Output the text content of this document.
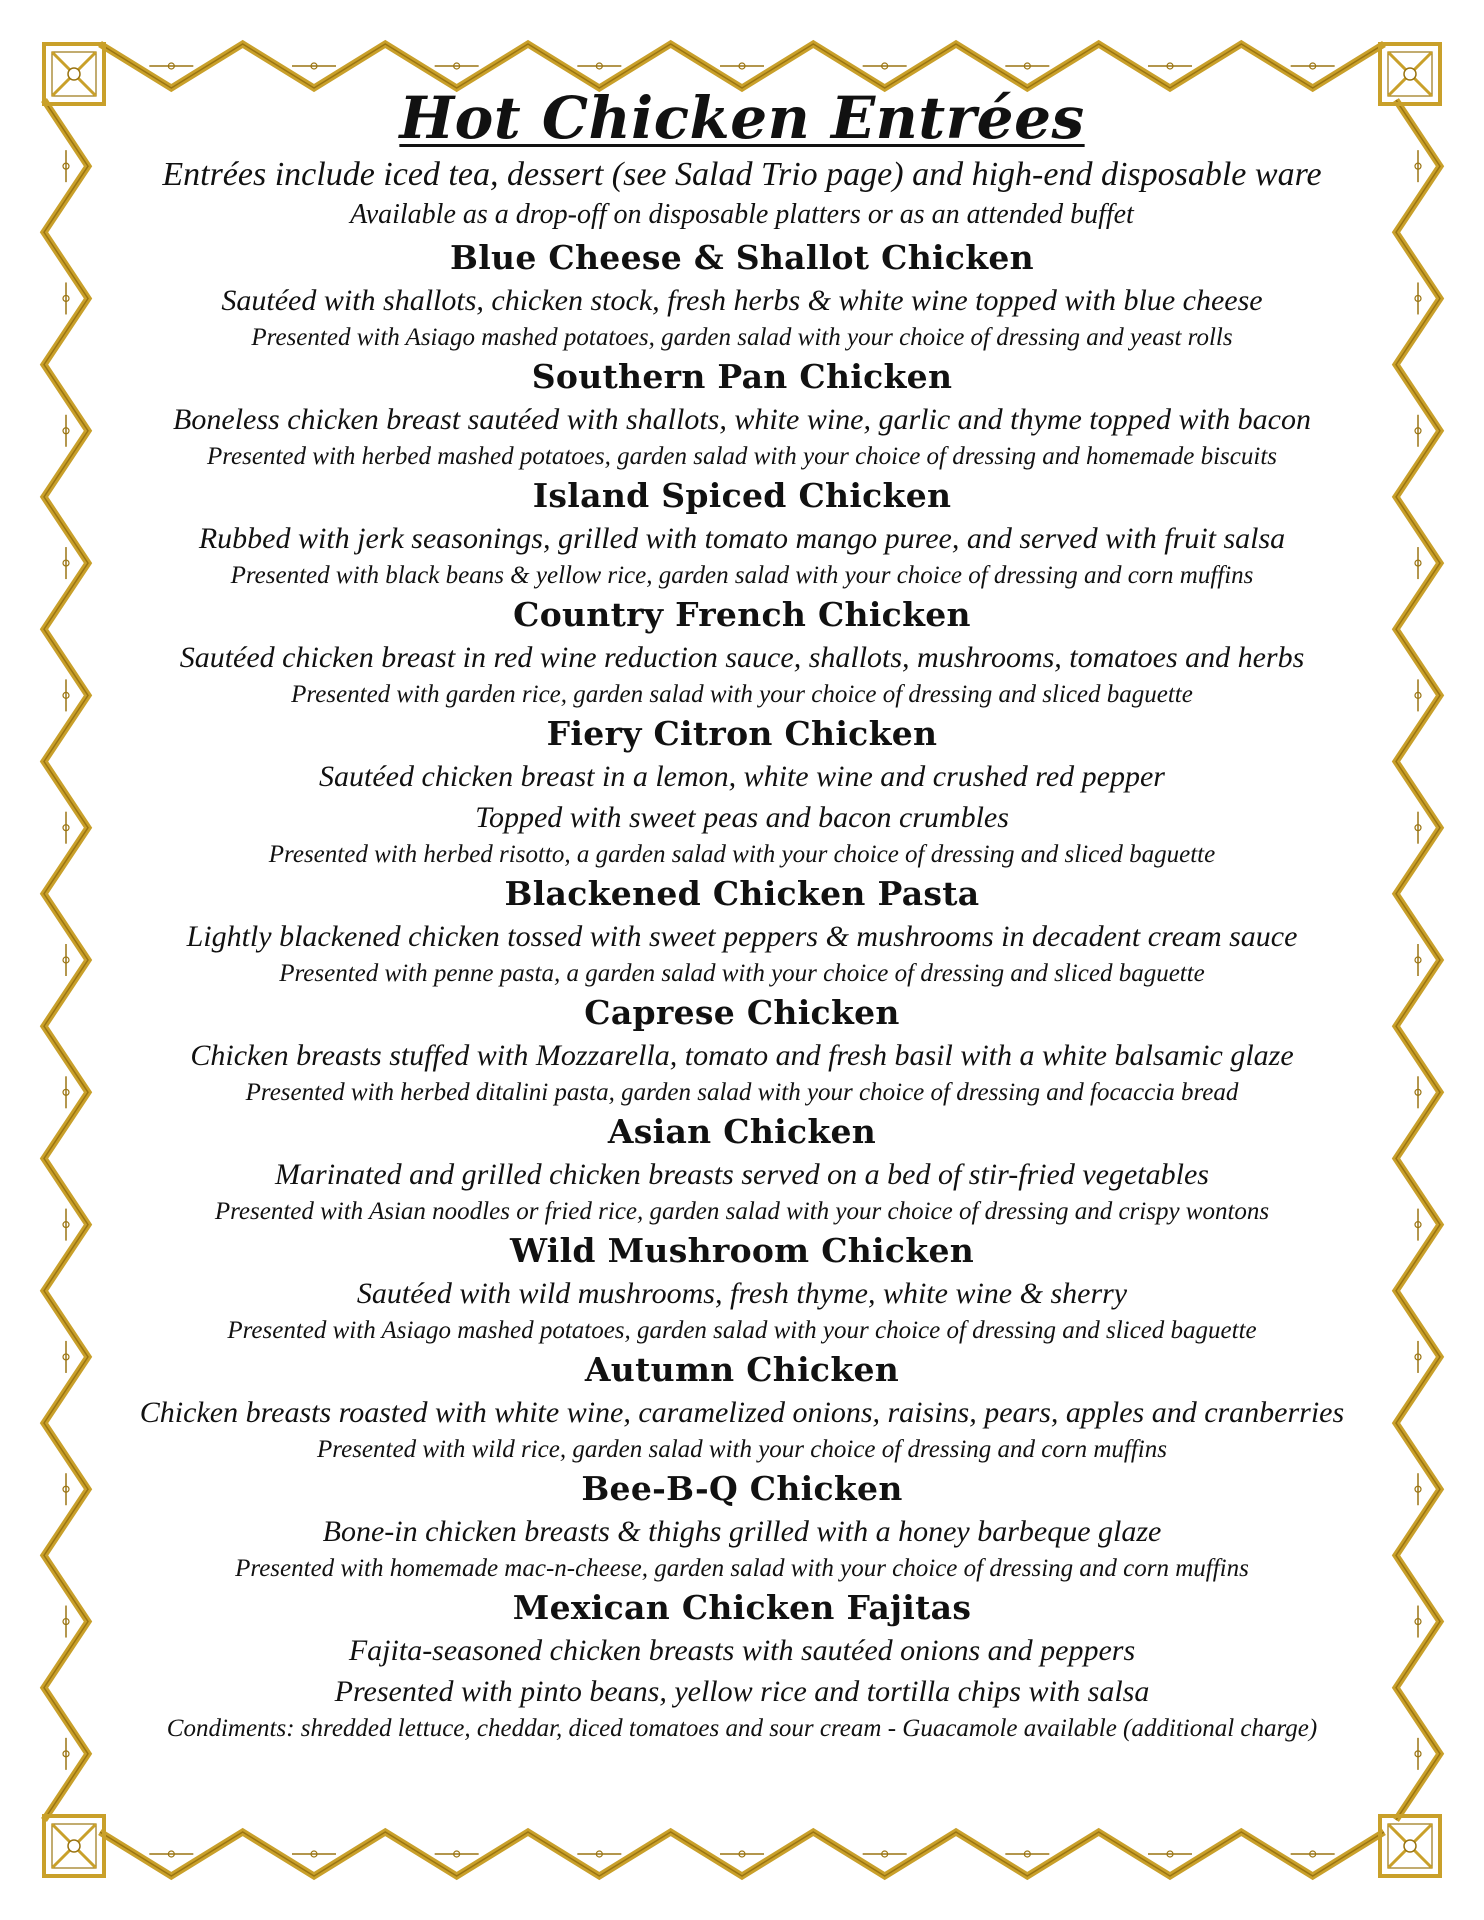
Hot Chicken Entrées

Entrées include iced tea, dessert (see Salad Trio page) and high-end disposable ware

Available as a drop-off on disposable platters or as an attended buffet

Blue Cheese & Shallot Chicken

Sautéed with shallots, chicken stock, fresh herbs & white wine topped with blue cheese

Presented with Asiago mashed potatoes, garden salad with your choice of dressing and yeast rolls

Southern Pan Chicken

Boneless chicken breast sautéed with shallots, white wine, garlic and thyme topped with bacon

Presented with herbed mashed potatoes, garden salad with your choice of dressing and homemade biscuits

Island Spiced Chicken

Rubbed with jerk seasonings, grilled with tomato mango puree, and served with fruit salsa

Presented with black beans & yellow rice, garden salad with your choice of dressing and corn muffins

Country French Chicken

Sautéed chicken breast in red wine reduction sauce, shallots, mushrooms, tomatoes and herbs

Presented with garden rice, garden salad with your choice of dressing and sliced baguette

Fiery Citron Chicken

Sautéed chicken breast in a lemon, white wine and crushed red pepper

Topped with sweet peas and bacon crumbles

Presented with herbed risotto, a garden salad with your choice of dressing and sliced baguette

Blackened Chicken Pasta

Lightly blackened chicken tossed with sweet peppers & mushrooms in decadent cream sauce

Presented with penne pasta, a garden salad with your choice of dressing and sliced baguette

Caprese Chicken

Chicken breasts stuffed with Mozzarella, tomato and fresh basil with a white balsamic glaze

Presented with herbed ditalini pasta, garden salad with your choice of dressing and focaccia bread

Asian Chicken

Marinated and grilled chicken breasts served on a bed of stir-fried vegetables

Presented with Asian noodles or fried rice, garden salad with your choice of dressing and crispy wontons

Wild Mushroom Chicken

Sautéed with wild mushrooms, fresh thyme, white wine & sherry

Presented with Asiago mashed potatoes, garden salad with your choice of dressing and sliced baguette

Autumn Chicken

Chicken breasts roasted with white wine, caramelized onions, raisins, pears, apples and cranberries

Presented with wild rice, garden salad with your choice of dressing and corn muffins

Bee-B-Q Chicken

Bone-in chicken breasts & thighs grilled with a honey barbeque glaze

Presented with homemade mac-n-cheese, garden salad with your choice of dressing and corn muffins

Mexican Chicken Fajitas

Fajita-seasoned chicken breasts with sautéed onions and peppers

Presented with pinto beans, yellow rice and tortilla chips with salsa

Condiments: shredded lettuce, cheddar, diced tomatoes and sour cream - Guacamole available (additional charge)
